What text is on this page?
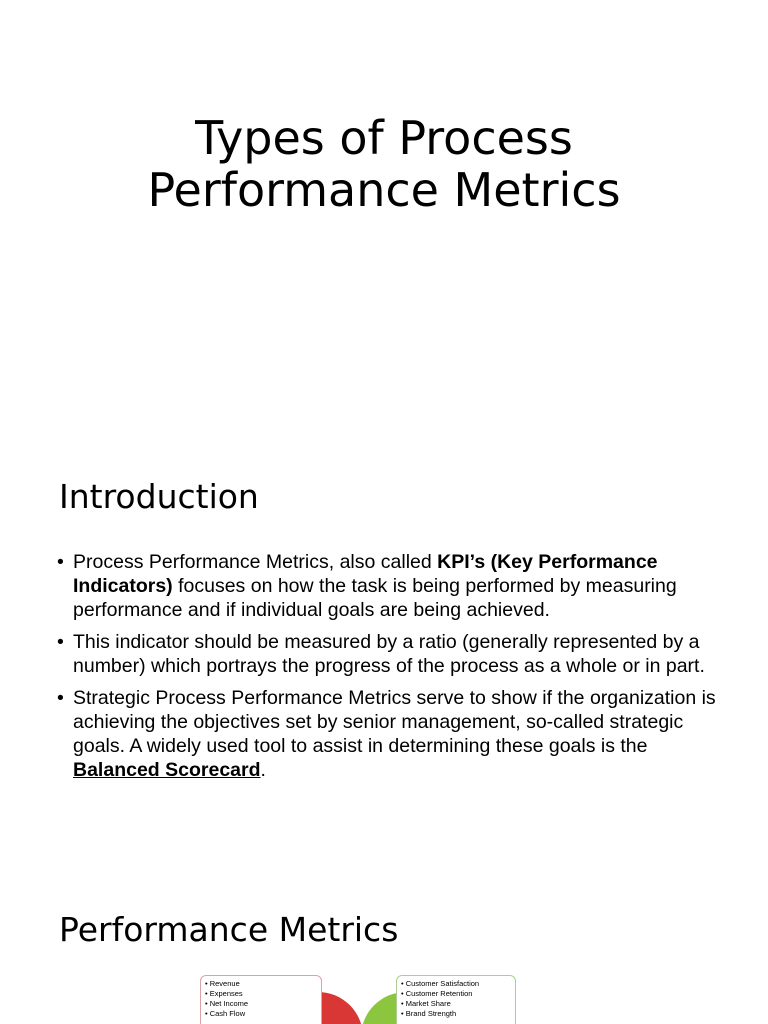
Types of Process
Performance Metrics
Introduction
• Process Performance Metrics, also called KPI’s (Key Performance Indicators) focuses on how the task is being performed by measuring performance and if individual goals are being achieved.
• This indicator should be measured by a ratio (generally represented by a number) which portrays the progress of the process as a whole or in part.
• Strategic Process Performance Metrics serve to show if the organization is achieving the objectives set by senior management, so-called strategic goals. A widely used tool to assist in determining these goals is the Balanced Scorecard.
Performance Metrics
• Revenue
• Expenses
• Net Income
• Cash Flow
• Customer Satisfaction
• Customer Retention
• Market Share
• Brand Strength
